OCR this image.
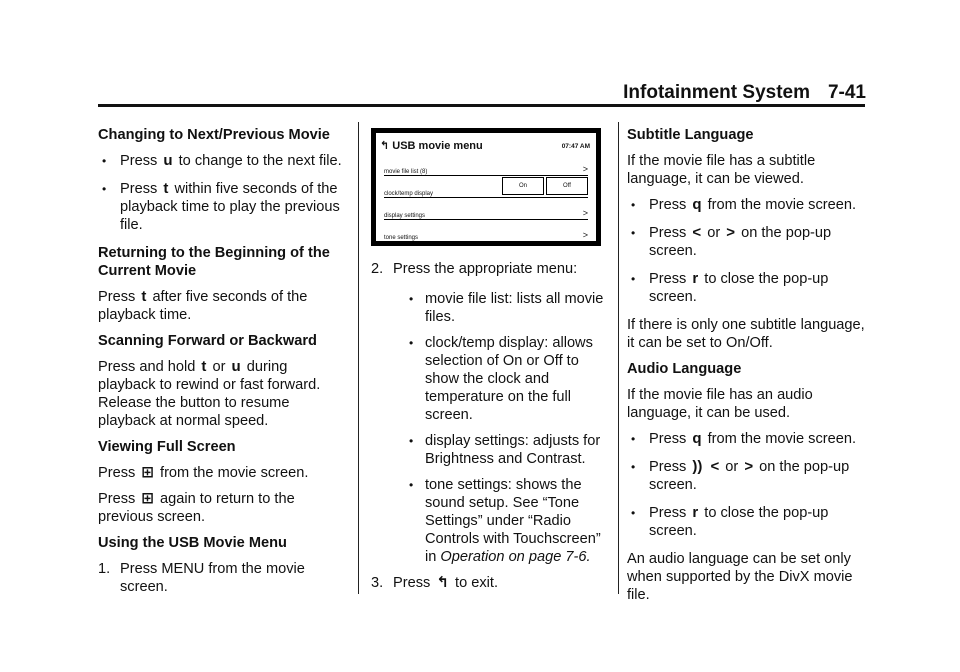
Infotainment System 7-41
Changing to Next/Previous Movie
• Press u to change to the next file.
• Press t within five seconds of the playback time to play the previous file.
Returning to the Beginning of the Current Movie
Press t after five seconds of the playback time.
Scanning Forward or Backward
Press and hold t or u during playback to rewind or fast forward. Release the button to resume playback at normal speed.
Viewing Full Screen
Press ⊞ from the movie screen.
Press ⊞ again to return to the previous screen.
Using the USB Movie Menu
1. Press MENU from the movie screen.
↰ USB movie menu	07:47 AM
movie file list (8)	>
clock/temp display
On	Off
display settings	>
tone settings	>
2. Press the appropriate menu:
• movie file list: lists all movie files.
• clock/temp display: allows selection of On or Off to show the clock and temperature on the full screen.
• display settings: adjusts for Brightness and Contrast.
• tone settings: shows the sound setup. See “Tone Settings” under “Radio Controls with Touchscreen” in Operation on page 7-6.
3. Press ↰ to exit.
Subtitle Language
If the movie file has a subtitle language, it can be viewed.
• Press q from the movie screen.
• Press < or > on the pop-up screen.
• Press r to close the pop-up screen.
If there is only one subtitle language, it can be set to On/Off.
Audio Language
If the movie file has an audio language, it can be used.
• Press q from the movie screen.
• Press )) < or > on the pop-up screen.
• Press r to close the pop-up screen.
An audio language can be set only when supported by the DivX movie file.
